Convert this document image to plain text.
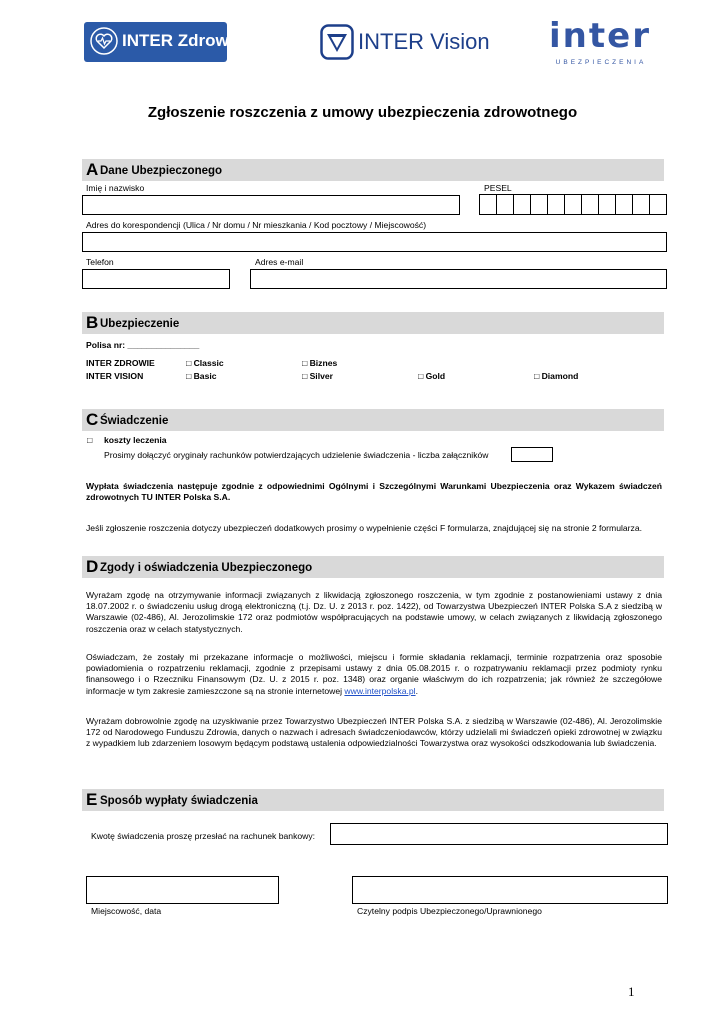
INTER Zdrowie	INTER Vision inter
UBEZPIECZENIA
Zgłoszenie roszczenia z umowy ubezpieczenia zdrowotnego
A Dane Ubezpieczonego
Imię i nazwisko	PESEL
Adres do korespondencji (Ulica / Nr domu / Nr mieszkania / Kod pocztowy / Miejscowość)
Telefon	Adres e-mail
B Ubezpieczenie
Polisa nr: _______________
INTER ZDROWIE	□ Classic	□ Biznes
INTER VISION	□ Basic	□ Silver	□ Gold	□ Diamond
C Świadczenie
□ koszty leczenia
Prosimy dołączyć oryginały rachunków potwierdzających udzielenie świadczenia - liczba załączników
Wypłata świadczenia następuje zgodnie z odpowiednimi Ogólnymi i Szczególnymi Warunkami Ubezpieczenia oraz Wykazem świadczeń zdrowotnych TU INTER Polska S.A.
Jeśli zgłoszenie roszczenia dotyczy ubezpieczeń dodatkowych prosimy o wypełnienie części F formularza, znajdującej się na stronie 2 formularza.
D Zgody i oświadczenia Ubezpieczonego
Wyrażam zgodę na otrzymywanie informacji związanych z likwidacją zgłoszonego roszczenia, w tym zgodnie z postanowieniami ustawy z dnia 18.07.2002 r. o świadczeniu usług drogą elektroniczną (t.j. Dz. U. z 2013 r. poz. 1422), od Towarzystwa Ubezpieczeń INTER Polska S.A z siedzibą w Warszawie (02-486), Al. Jerozolimskie 172 oraz podmiotów współpracujących na podstawie umowy, w celach związanych z likwidacją zgłoszonego roszczenia oraz w celach statystycznych.
Oświadczam, że zostały mi przekazane informacje o możliwości, miejscu i formie składania reklamacji, terminie rozpatrzenia oraz sposobie powiadomienia o rozpatrzeniu reklamacji, zgodnie z przepisami ustawy z dnia 05.08.2015 r. o rozpatrywaniu reklamacji przez podmioty rynku finansowego i o Rzeczniku Finansowym (Dz. U. z 2015 r. poz. 1348) oraz organie właściwym do ich rozpatrzenia; jak również że szczegółowe informacje w tym zakresie zamieszczone są na stronie internetowej www.interpolska.pl.
Wyrażam dobrowolnie zgodę na uzyskiwanie przez Towarzystwo Ubezpieczeń INTER Polska S.A. z siedzibą w Warszawie (02-486), Al. Jerozolimskie 172 od Narodowego Funduszu Zdrowia, danych o nazwach i adresach świadczeniodawców, którzy udzielali mi świadczeń opieki zdrowotnej w związku z wypadkiem lub zdarzeniem losowym będącym podstawą ustalenia odpowiedzialności Towarzystwa oraz wysokości odszkodowania lub świadczenia.
E Sposób wypłaty świadczenia
Kwotę świadczenia proszę przesłać na rachunek bankowy:
Miejscowość, data	Czytelny podpis Ubezpieczonego/Uprawnionego
1
